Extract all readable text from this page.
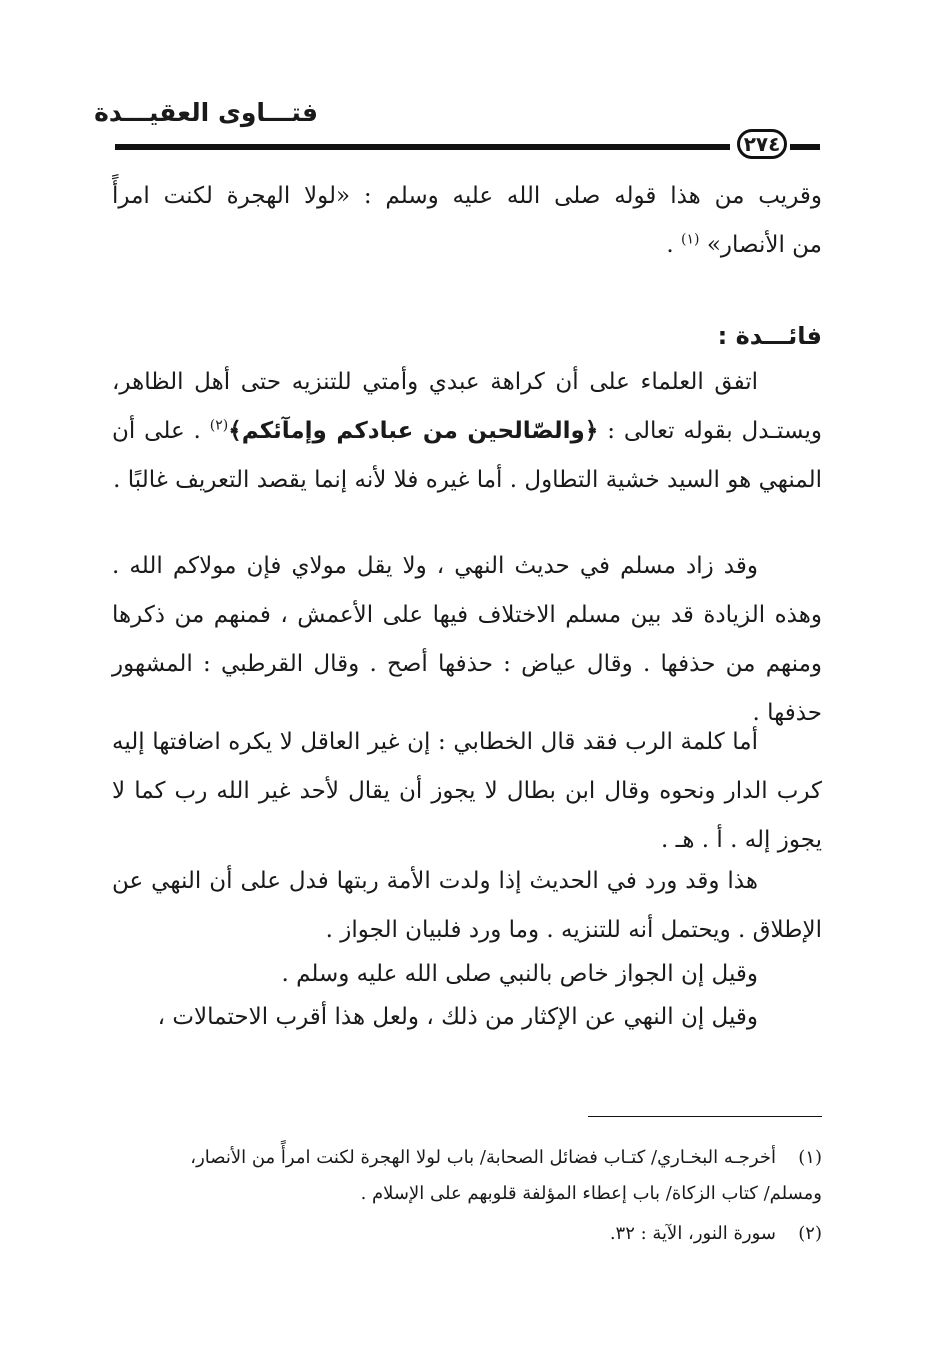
فتـــاوى العقيـــدة
٢٧٤
وقريب من هذا قوله صلى الله عليه وسلم : «لولا الهجرة لكنت امرأً
من الأنصار» $^{(١)}$ .
فائـــدة :
اتفق العلماء على أن كراهة عبدي وأمتي للتنزيه حتى أهل الظاهر،
ويستـدل بقوله تعالى : ﴿والصّالحين من عبادكم وإمآئكم﴾$^{(٢)}$ . على أن
المنهي هو السيد خشية التطاول . أما غيره فلا لأنه إنما يقصد التعريف غالبًا .
وقد زاد مسلم في حديث النهي ، ولا يقل مولاي فإن مولاكم الله .
وهذه الزيادة قد بين مسلم الاختلاف فيها على الأعمش ، فمنهم من ذكرها
ومنهم من حذفها . وقال عياض : حذفها أصح . وقال القرطبي : المشهور
حذفها .
أما كلمة الرب فقد قال الخطابي : إن غير العاقل لا يكره اضافتها إليه
كرب الدار ونحوه وقال ابن بطال لا يجوز أن يقال لأحد غير الله رب كما لا
يجوز إله . أ . هـ .
هذا وقد ورد في الحديث إذا ولدت الأمة ربتها فدل على أن النهي عن
الإطلاق . ويحتمل أنه للتنزيه . وما ورد فلبيان الجواز .
وقيل إن الجواز خاص بالنبي صلى الله عليه وسلم .
وقيل إن النهي عن الإكثار من ذلك ، ولعل هذا أقرب الاحتمالات ،
(١)أخرجـه البخـاري/ كتـاب فضائل الصحابة/ باب لولا الهجرة لكنت امرأً من الأنصار،
ومسلم/ كتاب الزكاة/ باب إعطاء المؤلفة قلوبهم على الإسلام .
(٢)سورة النور، الآية : ٣٢.
